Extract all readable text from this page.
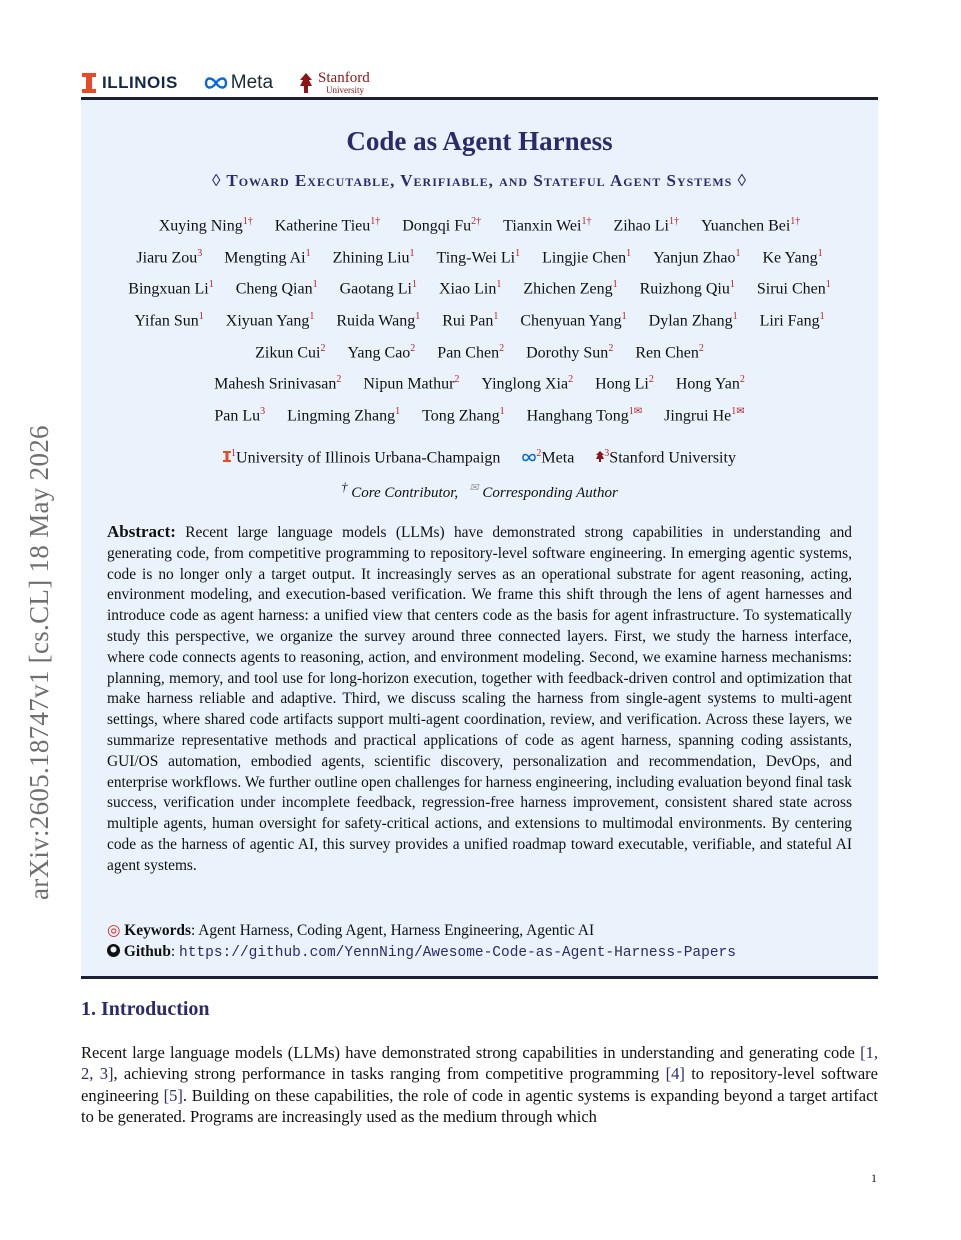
arXiv:2605.18747v1 [cs.CL] 18 May 2026
ILLINOIS	Meta	Stanford
University
Code as Agent Harness
◊ Toward Executable, Verifiable, and Stateful Agent Systems ◊
Xuying Ning$^{1\dagger}$ Katherine Tieu$^{1\dagger}$ Dongqi $Fu^{2\dagger}$ Tianxin Wei$^{1\dagger}$ Zihao $Li^{1\dagger}$ Yuanchen Bei$^{1\dagger}$
Jiaru Zou$^3$ Mengting Ai$^1$ Zhining Liu$^1$ Ting-Wei Li$^1$ Lingjie Chen$^1$ Yanjun Zhao$^1$ Ke Yang$^1$
Bingxuan Li$^1$ Cheng Qian$^1$ Gaotang Li$^1$ Xiao Lin$^1$ Zhichen Zeng$^1$ Ruizhong Qiu$^1$ Sirui Chen$^1$
Yifan Sun$^1$ Xiyuan Yang$^1$ Ruida Wang$^1$ Rui Pan$^1$ Chenyuan Yang$^1$ Dylan Zhang$^1$ Liri Fang$^1$
Zikun Cui$^2$ Yang Cao$^2$ Pan Chen$^2$ Dorothy Sun$^2$ Ren Chen$^2$
Mahesh Srinivasan$^2$ Nipun Mathur$^2$ Yinglong Xia$^2$ Hong Li$^2$ Hong Yan$^2$
Pan Lu$^3$ Lingming Zhang$^1$ Tong Zhang$^1$ Hanghang Tong$^{1✉}$ Jingrui $He^{1✉}$
$^1$University of Illinois Urbana-Champaign	$^2$Meta	$^3$Stanford University
† Core Contributor, ✉ Corresponding Author
Abstract: Recent large language models (LLMs) have demonstrated strong capabilities in understanding and generating code, from competitive programming to repository-level software engineering. In emerging agentic systems, code is no longer only a target output. It increasingly serves as an operational substrate for agent reasoning, acting, environment modeling, and execution-based verification. We frame this shift through the lens of agent harnesses and introduce code as agent harness: a unified view that centers code as the basis for agent infrastructure. To systematically study this perspective, we organize the survey around three connected layers. First, we study the harness interface, where code connects agents to reasoning, action, and environment modeling. Second, we examine harness mechanisms: planning, memory, and tool use for long-horizon execution, together with feedback-driven control and optimization that make harness reliable and adaptive. Third, we discuss scaling the harness from single-agent systems to multi-agent settings, where shared code artifacts support multi-agent coordination, review, and verification. Across these layers, we summarize representative methods and practical applications of code as agent harness, spanning coding assistants, GUI/OS automation, embodied agents, scientific discovery, personalization and recommendation, DevOps, and enterprise workflows. We further outline open challenges for harness engineering, including evaluation beyond final task success, verification under incomplete feedback, regression-free harness improvement, consistent shared state across multiple agents, human oversight for safety-critical actions, and extensions to multimodal environments. By centering code as the harness of agentic AI, this survey provides a unified roadmap toward executable, verifiable, and stateful AI agent systems.
◎ Keywords: Agent Harness, Coding Agent, Harness Engineering, Agentic AI
Github: https://github.com/YennNing/Awesome-Code-as-Agent-Harness-Papers
1. Introduction
Recent large language models (LLMs) have demonstrated strong capabilities in understanding and generating code [1, 2, 3], achieving strong performance in tasks ranging from competitive programming [4] to repository-level software engineering [5]. Building on these capabilities, the role of code in agentic systems is expanding beyond a target artifact to be generated. Programs are increasingly used as the medium through which
1
